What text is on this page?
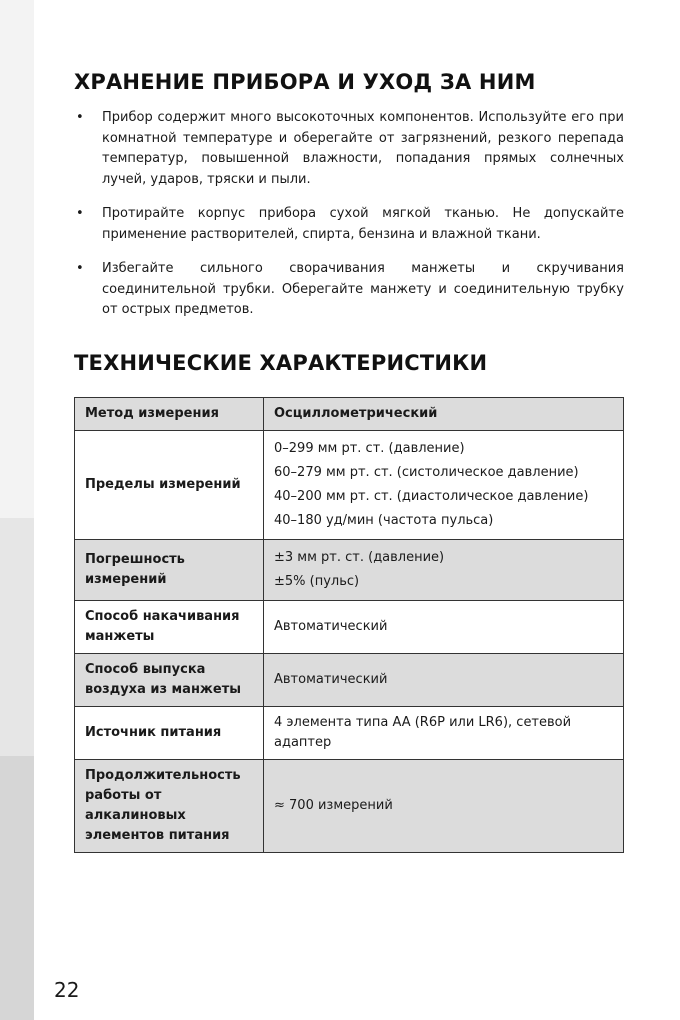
ХРАНЕНИЕ ПРИБОРА И УХОД ЗА НИМ
• Прибор содержит много высокоточных компонентов. Используйте его при комнатной температуре и оберегайте от загрязнений, резкого перепада температур, повышенной влажности, попадания прямых солнечных лучей, ударов, тряски и пыли.
• Протирайте корпус прибора сухой мягкой тканью. Не допускайте применение растворителей, спирта, бензина и влажной ткани.
• Избегайте сильного сворачивания манжеты и скручивания соединительной трубки. Оберегайте манжету и соединительную трубку от острых предметов.
ТЕХНИЧЕСКИЕ ХАРАКТЕРИСТИКИ
Метод измерения	Осциллометрический
Пределы измерений	0–299 мм рт. ст. (давление)
60–279 мм рт. ст. (систолическое давление)
40–200 мм рт. ст. (диастолическое давление)
40–180 уд/мин (частота пульса)

Погрешность измерений	±3 мм рт. ст. (давление)
±5% (пульс)

Способ накачивания манжеты	Автоматический
Способ выпуска воздуха из манжеты	Автоматический
Источник питания	4 элемента типа AA (R6P или LR6), сетевой адаптер
Продолжительность работы от алкалиновых элементов питания	≈ 700 измерений
22
